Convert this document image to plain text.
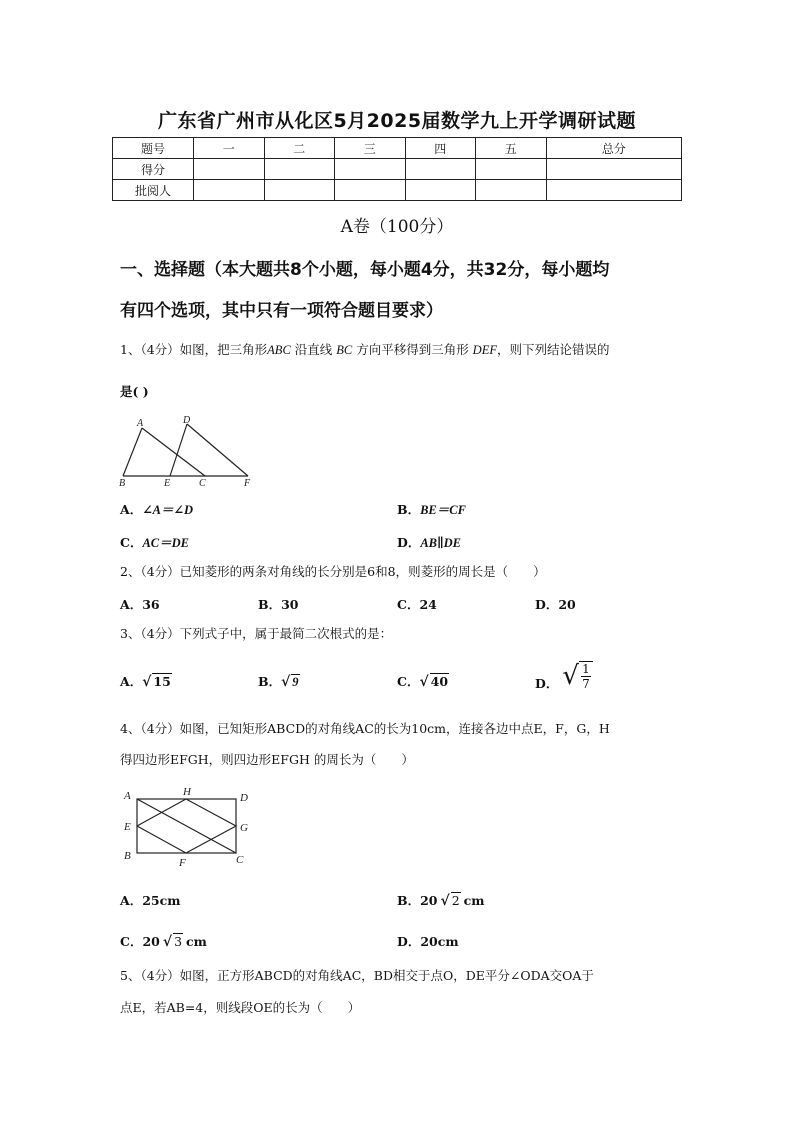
广东省广州市从化区5月2025届数学九上开学调研试题
题号	一	二	三	四	五	总分
得分						
批阅人						
A卷（100分）
一、选择题（本大题共8个小题，每小题4分，共32分，每小题均
有四个选项，其中只有一项符合题目要求）
1、（4分）如图，把三角形ABC 沿直线 BC 方向平移得到三角形 DEF，则下列结论错误的
是( )
A	D
B	E	C	F
A．∠A＝∠D	B．BE＝CF
C．AC＝DE	D．AB∥DE
2、（4分）已知菱形的两条对角线的长分别是6和8，则菱形的周长是（　　）
A．36	B．30	C．24	D．20
3、（4分）下列式子中，属于最简二次根式的是：
A．√ 15	B．√ 9	C．√ 40	D． √ $\frac{1}{7}$
4、（4分）如图，已知矩形ABCD的对角线AC的长为10cm，连接各边中点E，F，G，H
得四边形EFGH，则四边形EFGH 的周长为（　　）
A	H	D
E	G
B
F	C
A．25cm	B．20 √ 2 cm
C．20 √ 3 cm	D．20cm
5、（4分）如图，正方形ABCD的对角线AC，BD相交于点O，DE平分∠ODA交OA于
点E，若AB=4，则线段OE的长为（　　）
